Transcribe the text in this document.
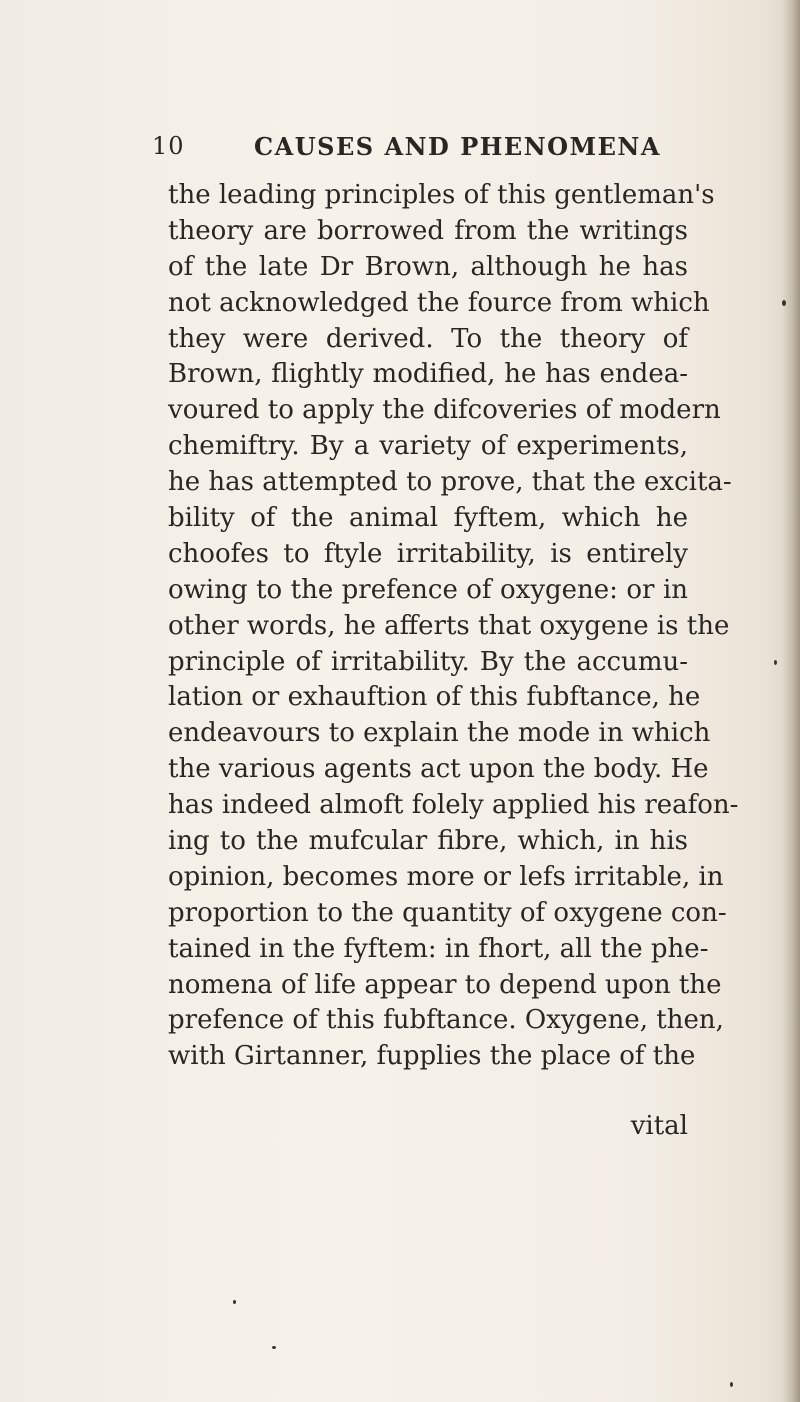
10	CAUSES AND PHENOMENA
the leading principles of this gentleman's
theory are borrowed from the writings
of the late Dr Brown, although he has
not acknowledged the fource from which
they were derived. To the theory of
Brown, flightly modified, he has endea-
voured to apply the difcoveries of modern
chemiftry. By a variety of experiments,
he has attempted to prove, that the excita-
bility of the animal fyftem, which he
choofes to ftyle irritability, is entirely
owing to the prefence of oxygene: or in
other words, he afferts that oxygene is the
principle of irritability. By the accumu-
lation or exhauftion of this fubftance, he
endeavours to explain the mode in which
the various agents act upon the body. He
has indeed almoft folely applied his reafon-
ing to the mufcular fibre, which, in his
opinion, becomes more or lefs irritable, in
proportion to the quantity of oxygene con-
tained in the fyftem: in fhort, all the phe-
nomena of life appear to depend upon the
prefence of this fubftance. Oxygene, then,
with Girtanner, fupplies the place of the
vital
